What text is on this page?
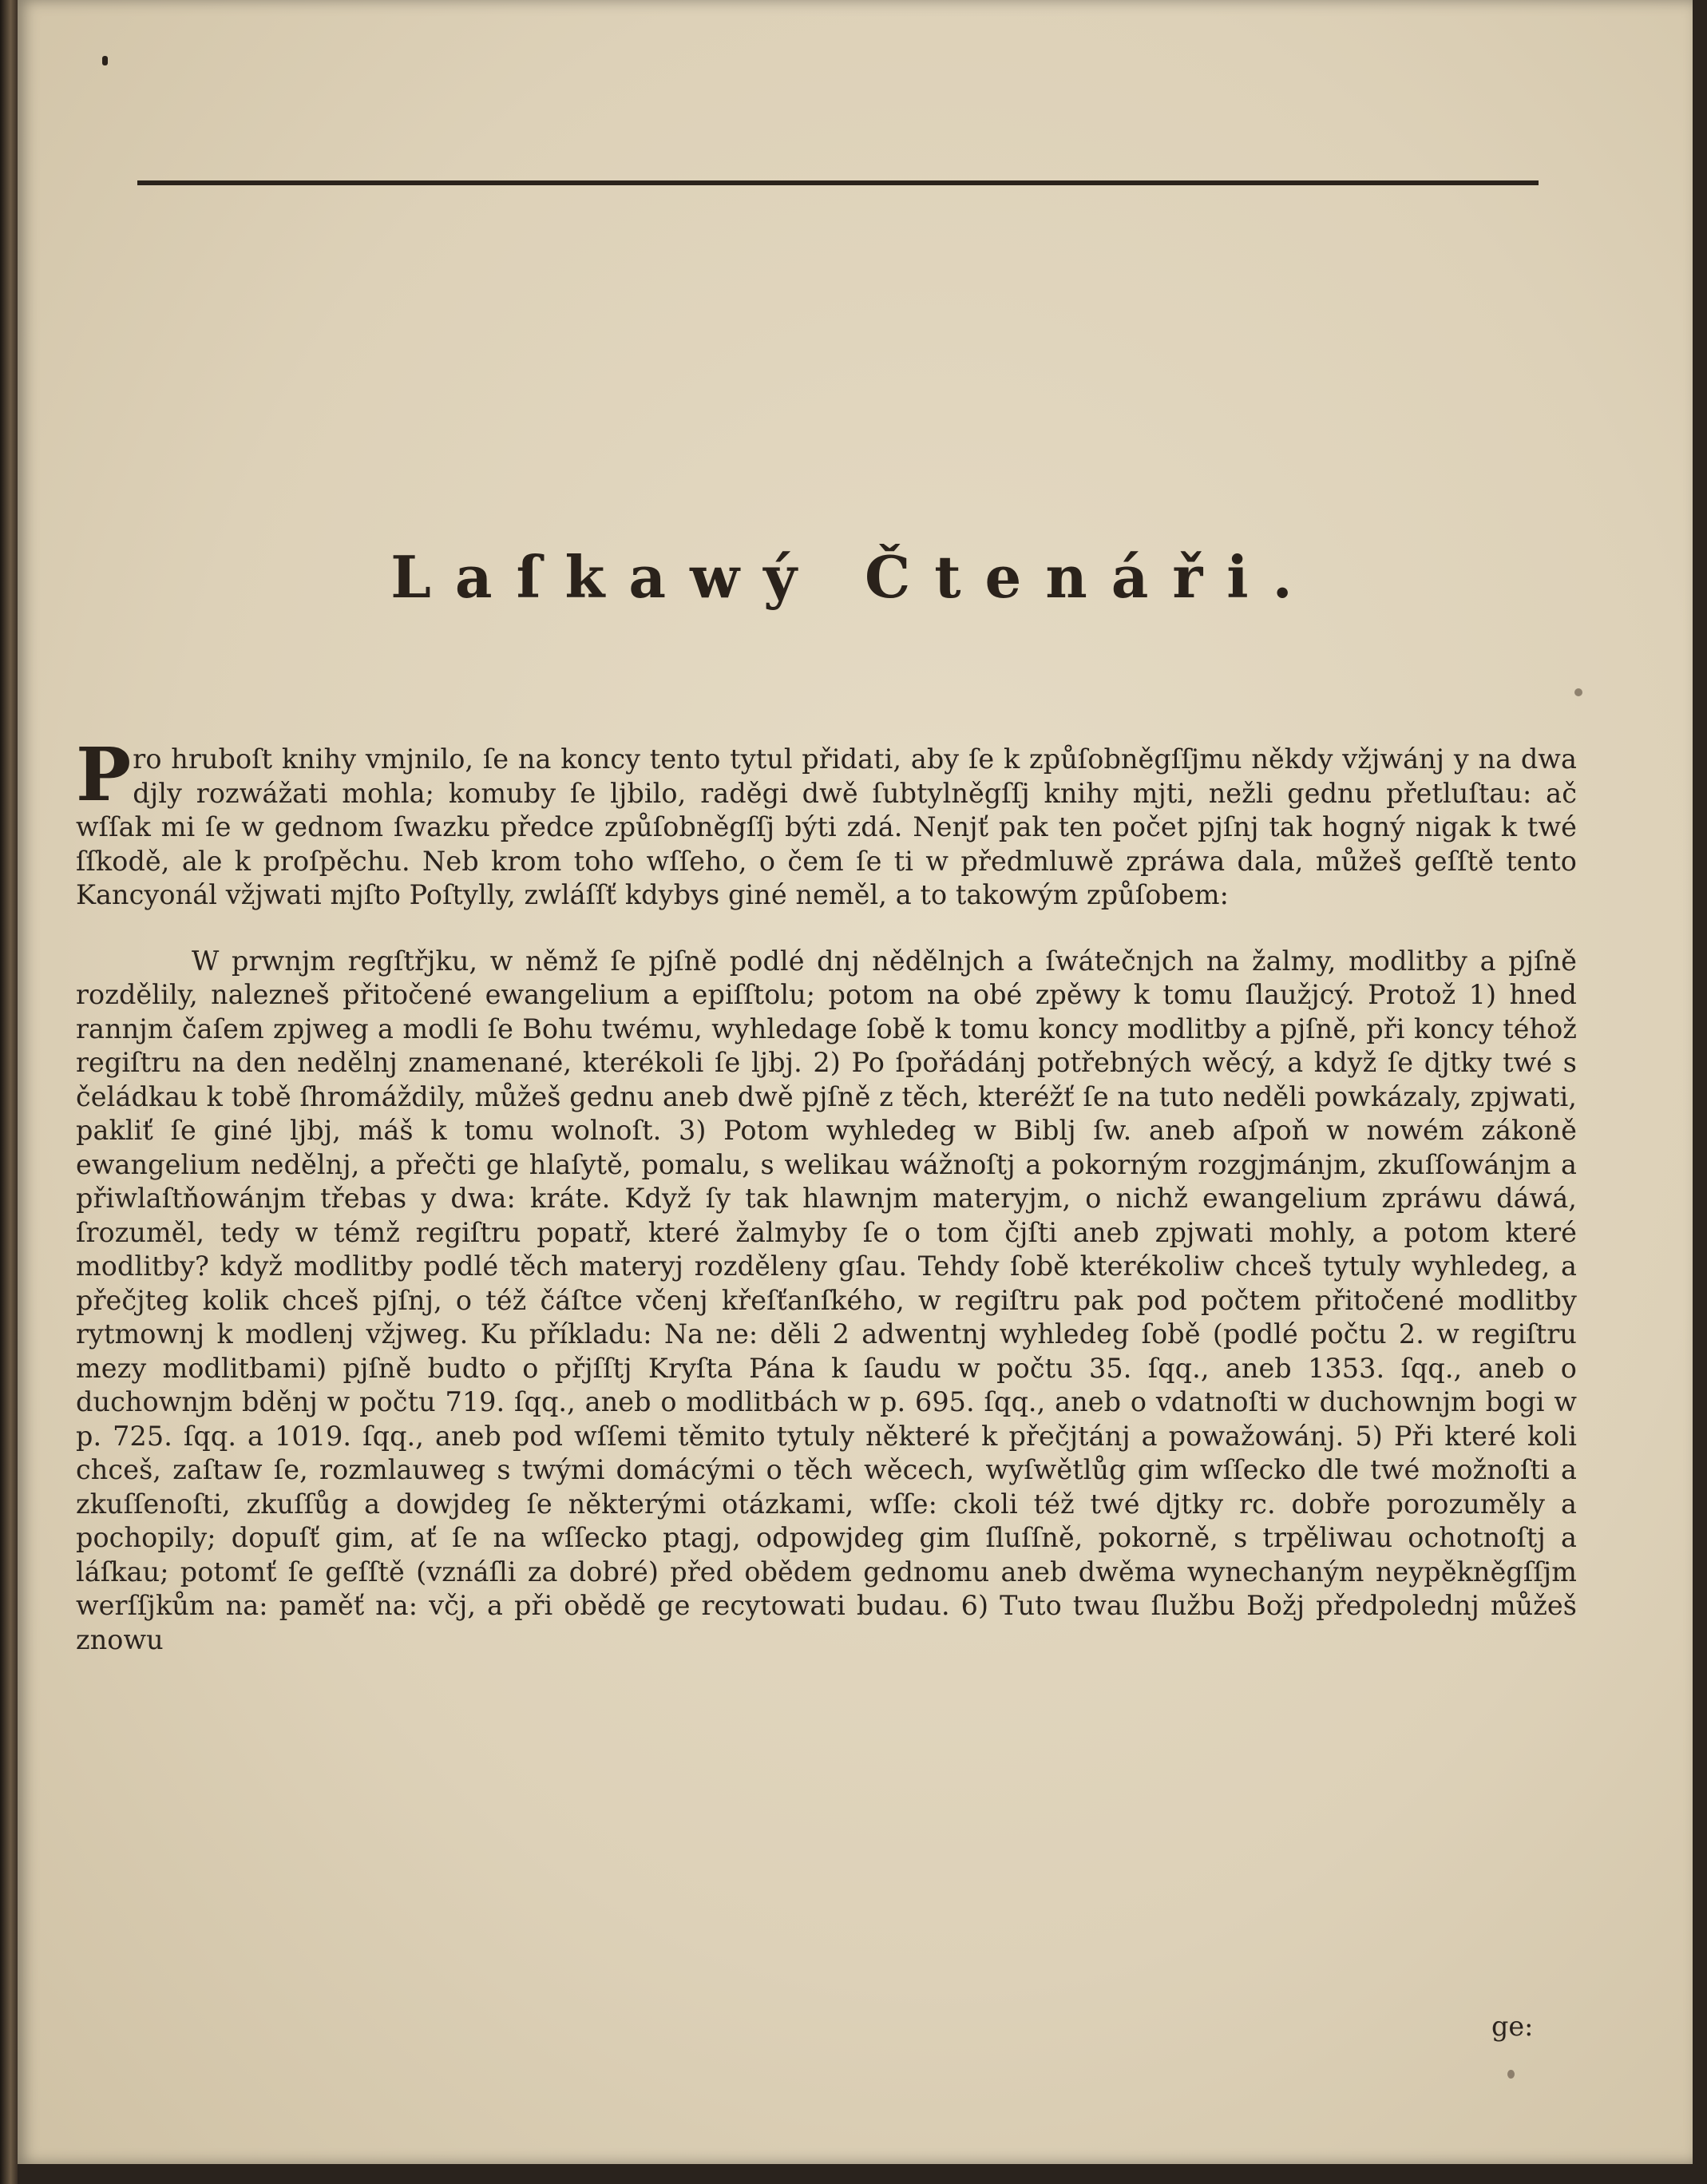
Laſkawý Čtenáři.

Pro hruboſt knihy vmjnilo, ſe na koncy tento tytul přidati, aby ſe k způſobněgſſjmu někdy vžjwánj y na dwa djly rozwážati mohla; komuby ſe ljbilo, raděgi dwě ſubtylněgſſj knihy mjti, nežli gednu přetluſtau: ač wſſak mi ſe w gednom ſwazku předce způſobněgſſj býti zdá. Nenjť pak ten počet pjſnj tak hogný nigak k twé ſſkodě, ale k proſpěchu. Neb krom toho wſſeho, o čem ſe ti w předmluwě zpráwa dala, můžeš geſſtě tento Kancyonál vžjwati mjſto Poſtylly, zwláſſť kdybys giné neměl, a to takowým způſobem:

W prwnjm regſtřjku, w němž ſe pjſně podlé dnj nědělnjch a ſwátečnjch na žalmy, modlitby a pjſně rozdělily, nalezneš přitočené ewangelium a epiſſtolu; potom na obé zpěwy k tomu ſlaužjcý. Protož 1) hned rannjm čaſem zpjweg a modli ſe Bohu twému, wyhledage ſobě k tomu koncy modlitby a pjſně, při koncy téhož regiſtru na den nedělnj znamenané, kterékoli ſe ljbj. 2) Po ſpořádánj potřebných wěcý, a když ſe djtky twé s čeládkau k tobě ſhromáždily, můžeš gednu aneb dwě pjſně z těch, kteréžť ſe na tuto neděli powkázaly, zpjwati, pakliť ſe giné ljbj, máš k tomu wolnoſt. 3) Potom wyhledeg w Biblj ſw. aneb aſpoň w nowém zákoně ewangelium nedělnj, a přečti ge hlaſytě, pomalu, s welikau wážnoſtj a pokorným rozgjmánjm, zkuſſowánjm a přiwlaſtňowánjm třebas y dwa: kráte. Když ſy tak hlawnjm materyjm, o nichž ewangelium zpráwu dáwá, ſrozuměl, tedy w témž regiſtru popatř, které žalmyby ſe o tom čjſti aneb zpjwati mohly, a potom které modlitby? když modlitby podlé těch materyj rozděleny gſau. Tehdy ſobě kterékoliw chceš tytuly wyhledeg, a přečjteg kolik chceš pjſnj, o též čáſtce včenj křeſťanſkého, w regiſtru pak pod počtem přitočené modlitby rytmownj k modlenj vžjweg. Ku příkladu: Na ne: děli 2 adwentnj wyhledeg ſobě (podlé počtu 2. w regiſtru mezy modlitbami) pjſně budto o přjſſtj Kryſta Pána k ſaudu w počtu 35. ſqq., aneb 1353. ſqq., aneb o duchownjm bděnj w počtu 719. ſqq., aneb o modlitbách w p. 695. ſqq., aneb o vdatnoſti w duchownjm bogi w p. 725. ſqq. a 1019. ſqq., aneb pod wſſemi těmito tytuly některé k přečjtánj a powažowánj. 5) Při které koli chceš, zaſtaw ſe, rozmlauweg s twými domácými o těch wěcech, wyſwětlůg gim wſſecko dle twé možnoſti a zkuſſenoſti, zkuſſůg a dowjdeg ſe některými otázkami, wſſe: ckoli též twé djtky rc. dobře porozuměly a pochopily; dopuſť gim, ať ſe na wſſecko ptagj, odpowjdeg gim ſluſſně, pokorně, s trpěliwau ochotnoſtj a láſkau; potomť ſe geſſtě (vznáſli za dobré) před obědem gednomu aneb dwěma wynechaným neypěkněgſſjm werſſjkům na: paměť na: včj, a při obědě ge recytowati budau. 6) Tuto twau ſlužbu Božj předpolednj můžeš znowu

ge:
